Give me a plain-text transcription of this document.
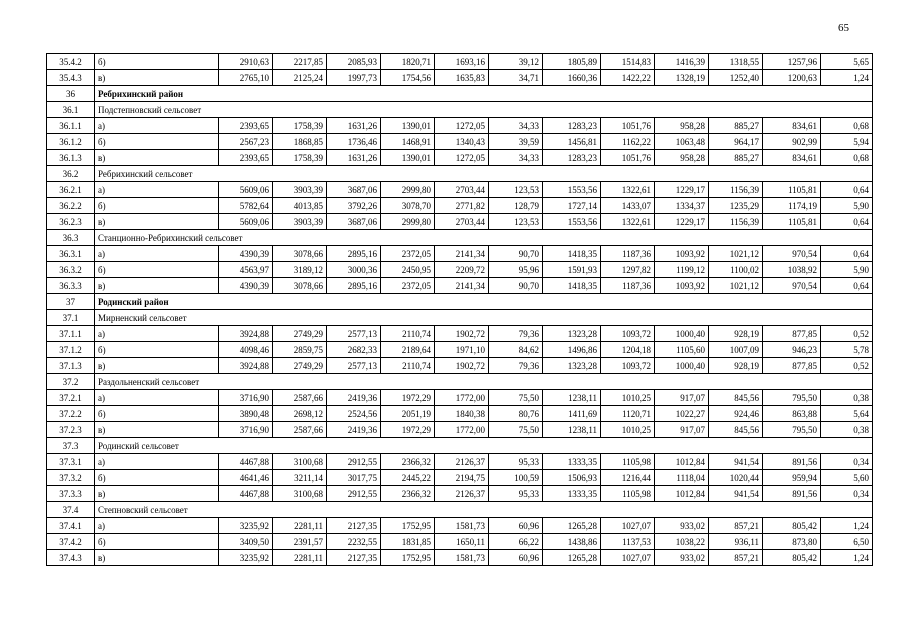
65
35.4.2	б)	2910,63	2217,85	2085,93	1820,71	1693,16	39,12	1805,89	1514,83	1416,39	1318,55	1257,96	5,65
35.4.3	в)	2765,10	2125,24	1997,73	1754,56	1635,83	34,71	1660,36	1422,22	1328,19	1252,40	1200,63	1,24
36	Ребрихинский район												
36.1	Подстепновский сельсовет												
36.1.1	а)	2393,65	1758,39	1631,26	1390,01	1272,05	34,33	1283,23	1051,76	958,28	885,27	834,61	0,68
36.1.2	б)	2567,23	1868,85	1736,46	1468,91	1340,43	39,59	1456,81	1162,22	1063,48	964,17	902,99	5,94
36.1.3	в)	2393,65	1758,39	1631,26	1390,01	1272,05	34,33	1283,23	1051,76	958,28	885,27	834,61	0,68
36.2	Ребрихинский сельсовет												
36.2.1	а)	5609,06	3903,39	3687,06	2999,80	2703,44	123,53	1553,56	1322,61	1229,17	1156,39	1105,81	0,64
36.2.2	б)	5782,64	4013,85	3792,26	3078,70	2771,82	128,79	1727,14	1433,07	1334,37	1235,29	1174,19	5,90
36.2.3	в)	5609,06	3903,39	3687,06	2999,80	2703,44	123,53	1553,56	1322,61	1229,17	1156,39	1105,81	0,64
36.3	Станционно-Ребрихинский сельсовет												
36.3.1	а)	4390,39	3078,66	2895,16	2372,05	2141,34	90,70	1418,35	1187,36	1093,92	1021,12	970,54	0,64
36.3.2	б)	4563,97	3189,12	3000,36	2450,95	2209,72	95,96	1591,93	1297,82	1199,12	1100,02	1038,92	5,90
36.3.3	в)	4390,39	3078,66	2895,16	2372,05	2141,34	90,70	1418,35	1187,36	1093,92	1021,12	970,54	0,64
37	Родинский район												
37.1	Мирненский сельсовет												
37.1.1	а)	3924,88	2749,29	2577,13	2110,74	1902,72	79,36	1323,28	1093,72	1000,40	928,19	877,85	0,52
37.1.2	б)	4098,46	2859,75	2682,33	2189,64	1971,10	84,62	1496,86	1204,18	1105,60	1007,09	946,23	5,78
37.1.3	в)	3924,88	2749,29	2577,13	2110,74	1902,72	79,36	1323,28	1093,72	1000,40	928,19	877,85	0,52
37.2	Раздольненский сельсовет												
37.2.1	а)	3716,90	2587,66	2419,36	1972,29	1772,00	75,50	1238,11	1010,25	917,07	845,56	795,50	0,38
37.2.2	б)	3890,48	2698,12	2524,56	2051,19	1840,38	80,76	1411,69	1120,71	1022,27	924,46	863,88	5,64
37.2.3	в)	3716,90	2587,66	2419,36	1972,29	1772,00	75,50	1238,11	1010,25	917,07	845,56	795,50	0,38
37.3	Родинский сельсовет												
37.3.1	а)	4467,88	3100,68	2912,55	2366,32	2126,37	95,33	1333,35	1105,98	1012,84	941,54	891,56	0,34
37.3.2	б)	4641,46	3211,14	3017,75	2445,22	2194,75	100,59	1506,93	1216,44	1118,04	1020,44	959,94	5,60
37.3.3	в)	4467,88	3100,68	2912,55	2366,32	2126,37	95,33	1333,35	1105,98	1012,84	941,54	891,56	0,34
37.4	Степновский сельсовет												
37.4.1	а)	3235,92	2281,11	2127,35	1752,95	1581,73	60,96	1265,28	1027,07	933,02	857,21	805,42	1,24
37.4.2	б)	3409,50	2391,57	2232,55	1831,85	1650,11	66,22	1438,86	1137,53	1038,22	936,11	873,80	6,50
37.4.3	в)	3235,92	2281,11	2127,35	1752,95	1581,73	60,96	1265,28	1027,07	933,02	857,21	805,42	1,24
